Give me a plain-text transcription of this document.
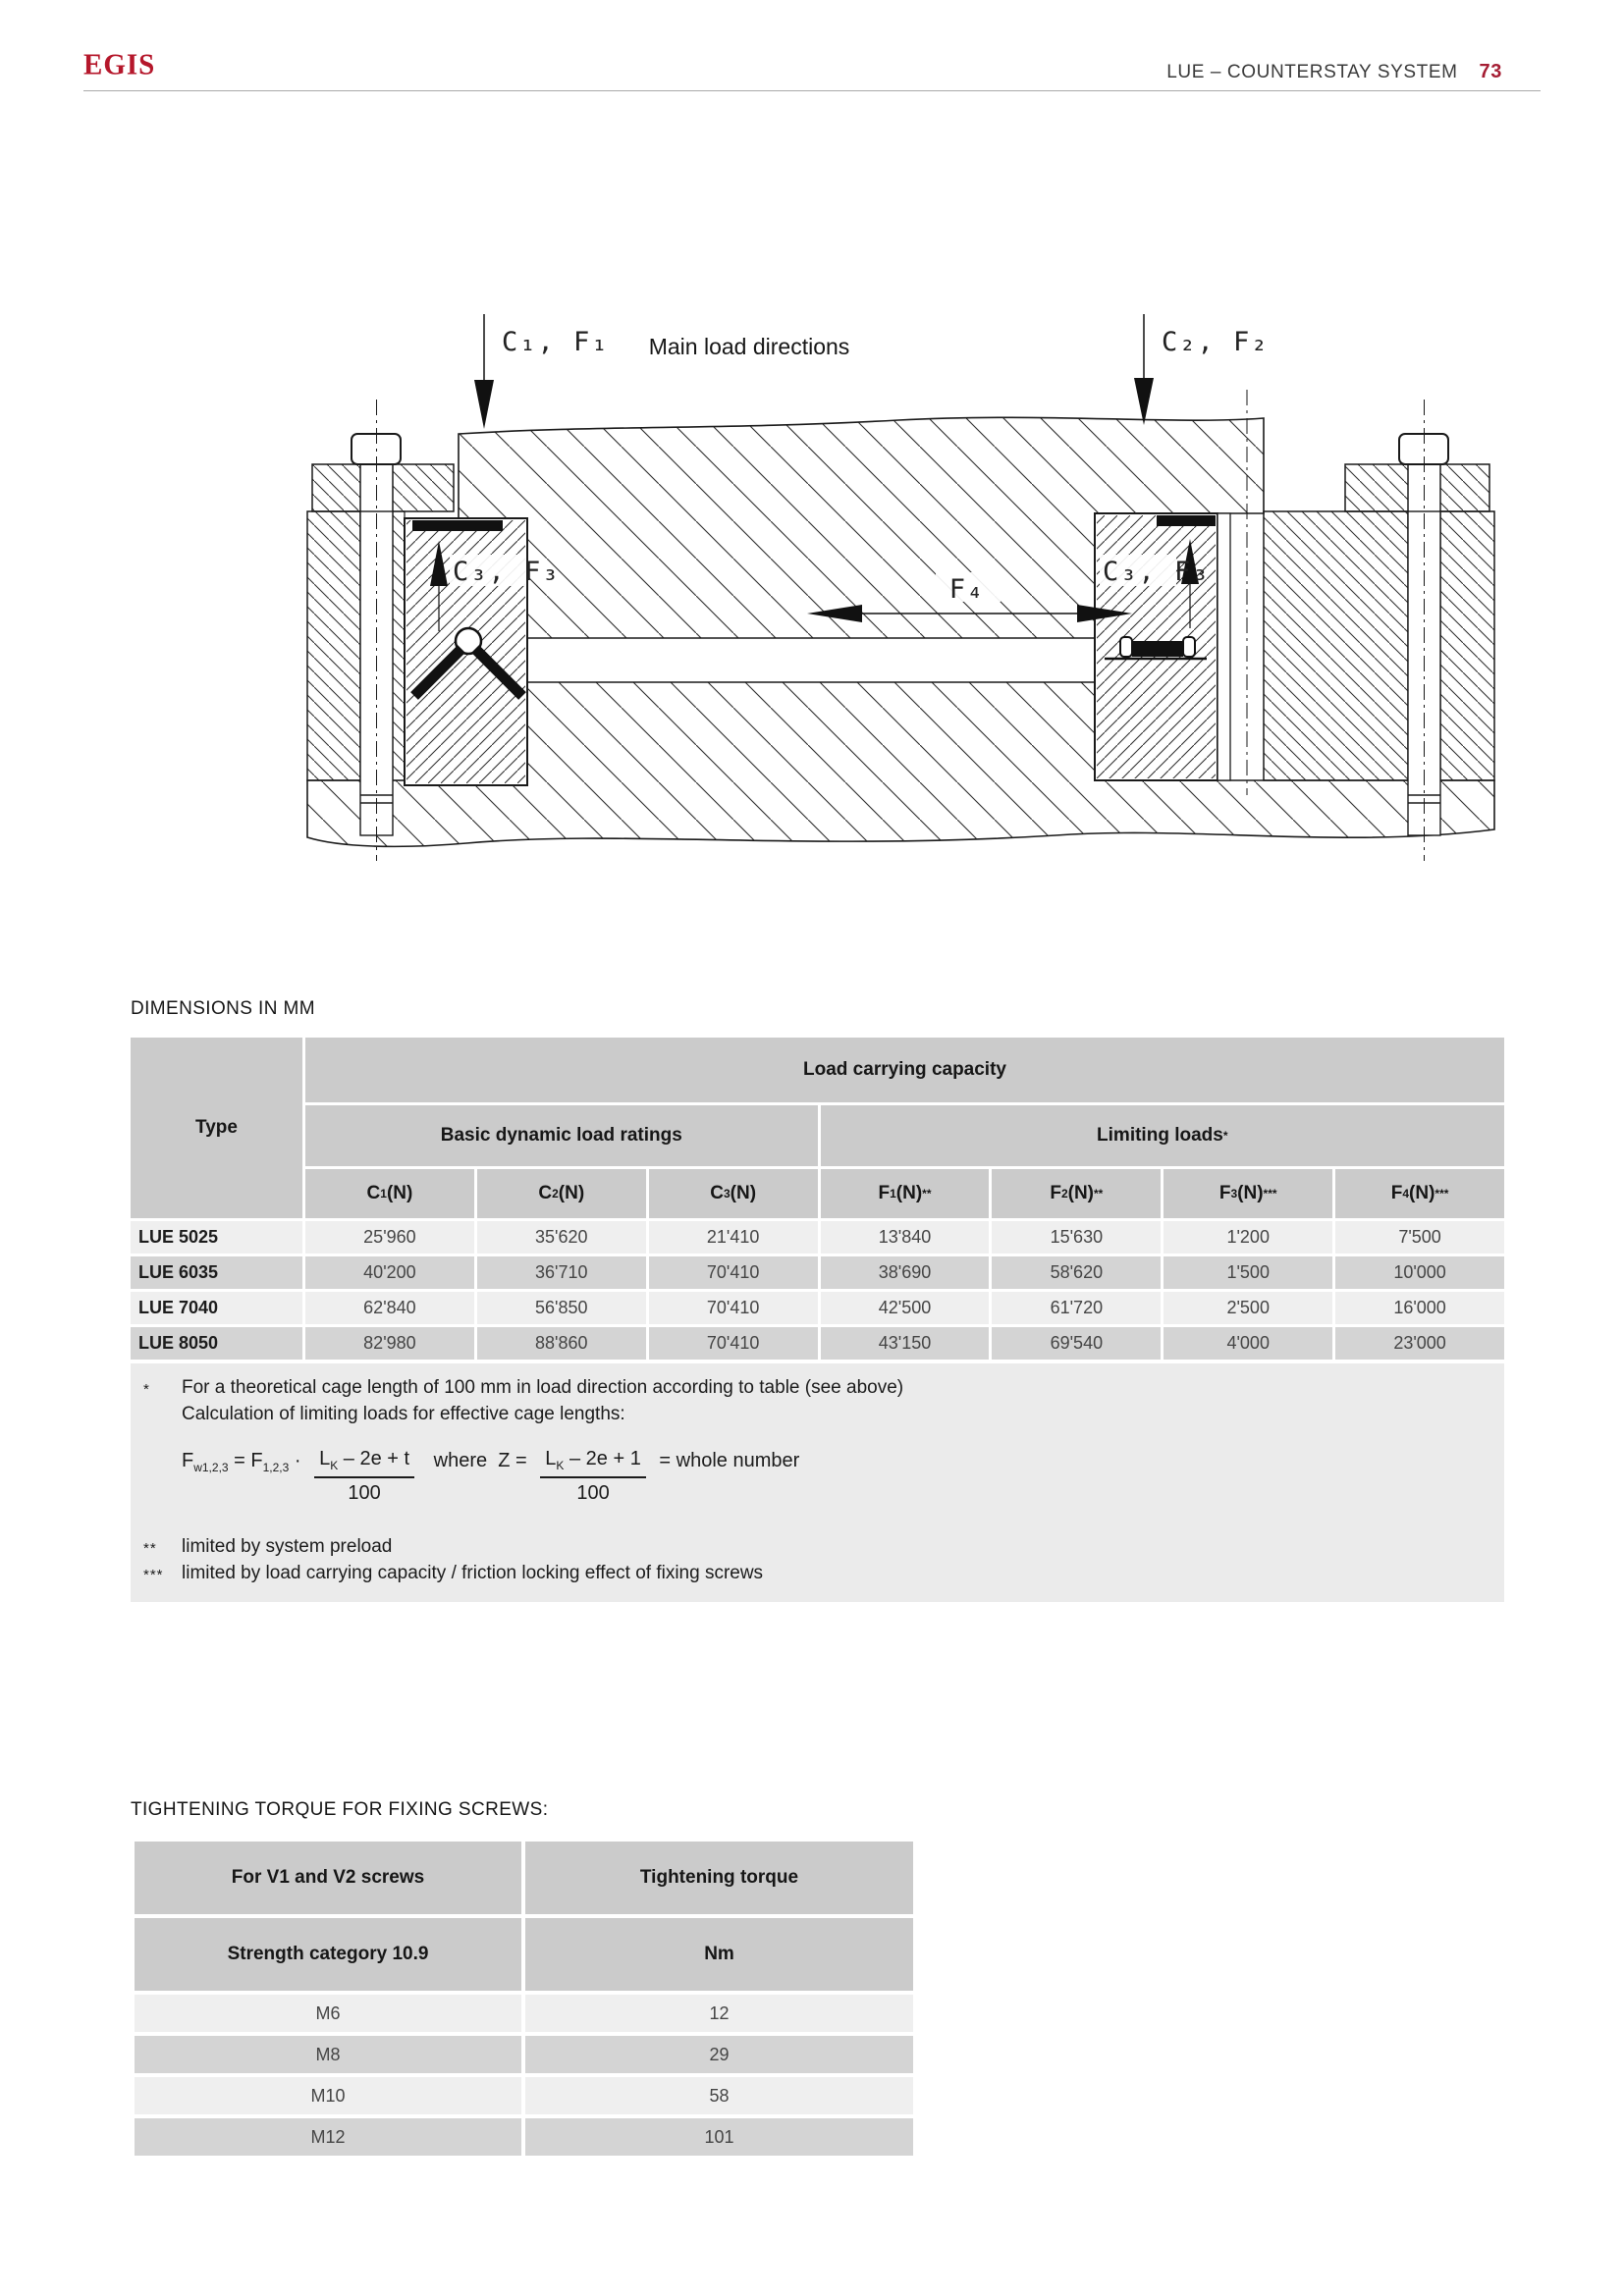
EGIS	LUE – COUNTERSTAY SYSTEM 73
C₃, F₃	C₃, F₃
C₁, F₁	C₂, F₂
Main load directions
F₄
DIMENSIONS IN MM
Type
Load carrying capacity
Basic dynamic load ratings	Limiting loads *
C 1 (N)	C 2 (N)	C 3 (N)	F 1 (N) **	F 2 (N) **	F 3 (N) ***	F 4 (N) ***
LUE 5025	25'960	35'620	21'410	13'840	15'630	1'200	7'500
LUE 6035	40'200	36'710	70'410	38'690	58'620	1'500	10'000
LUE 7040	62'840	56'850	70'410	42'500	61'720	2'500	16'000
LUE 8050	82'980	88'860	70'410	43'150	69'540	4'000	23'000
* For a theoretical cage length of 100 mm in load direction according to table (see above)
Calculation of limiting loads for effective cage lengths:
$F_{w1,2,3} = F_{1,2,3} \cdot \frac{L_K - 2e + t}{100}$ where $Z = \frac{L_K - 2e + 1}{100}$ = whole number
** limited by system preload
*** limited by load carrying capacity / friction locking effect of fixing screws
TIGHTENING TORQUE FOR FIXING SCREWS:
For V1 and V2 screws	Tightening torque
Strength category 10.9	Nm
M6	12
M8	29
M10	58
M12	101
